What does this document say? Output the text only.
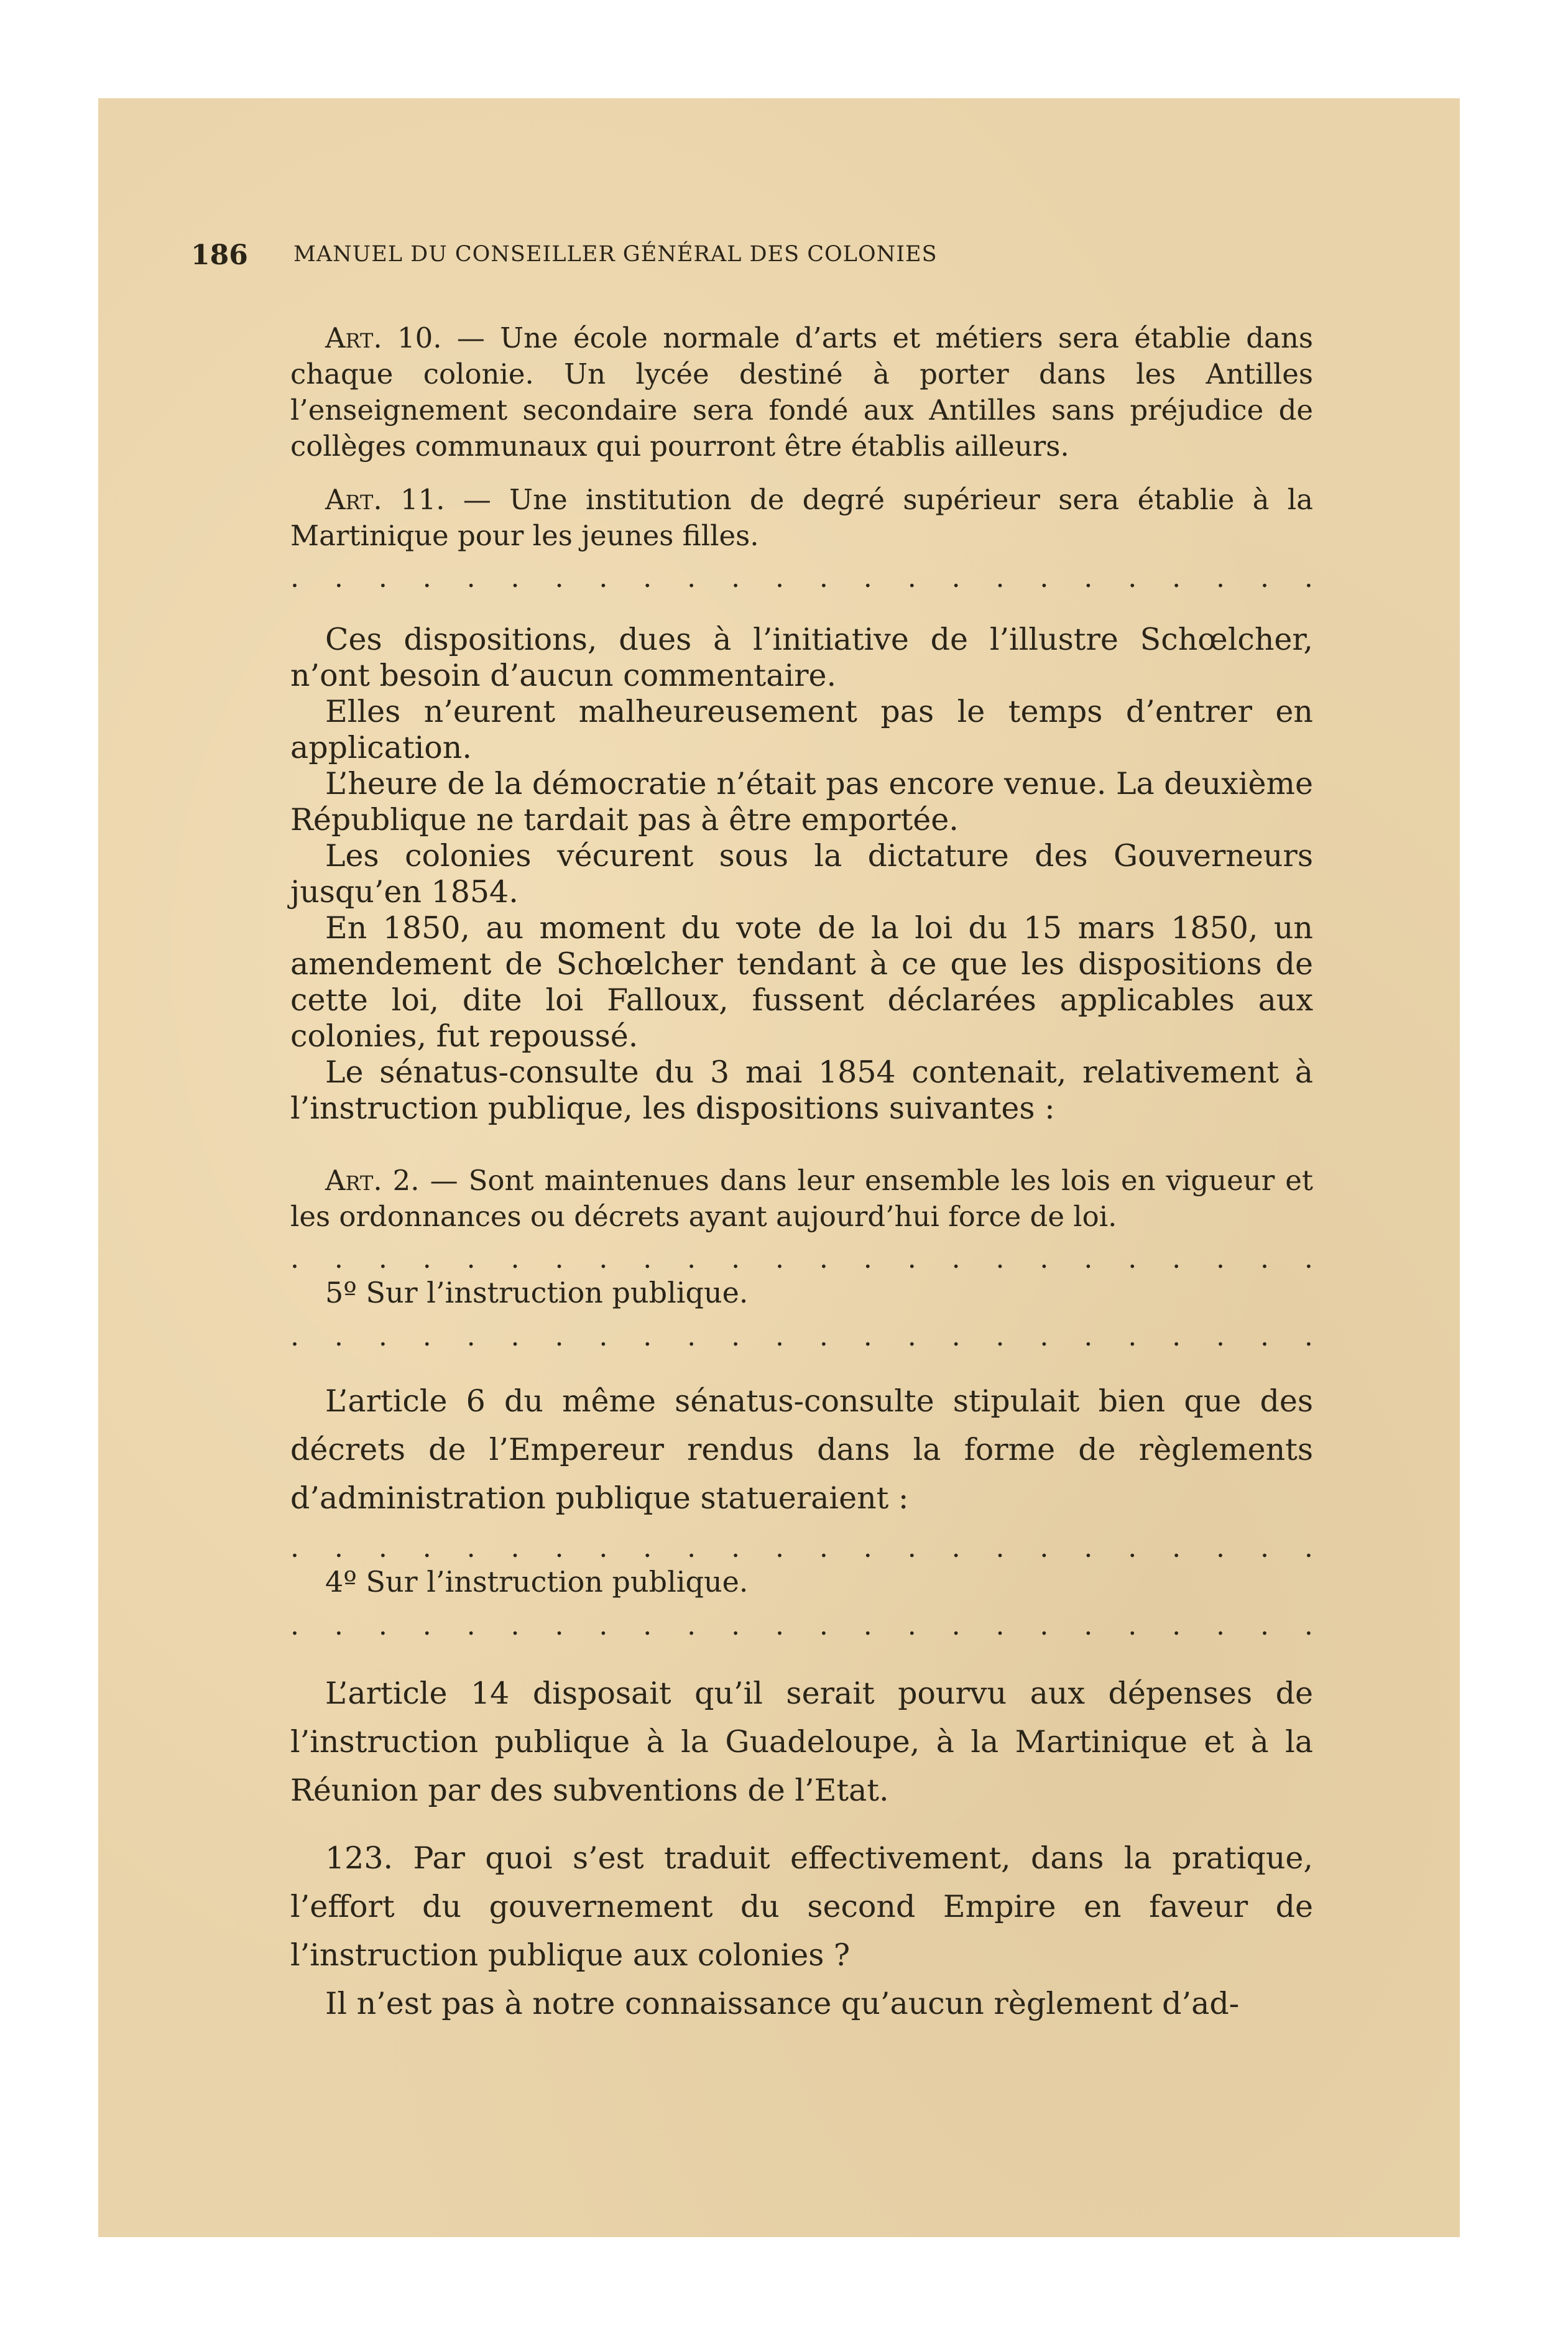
186 MANUEL DU CONSEILLER GÉNÉRAL DES COLONIES

Art. 10. — Une école normale d’arts et métiers sera établie dans chaque colonie. Un lycée destiné à porter dans les Antilles l’enseignement secondaire sera fondé aux Antilles sans préjudice de collèges communaux qui pourront être établis ailleurs.

Art. 11. — Une institution de degré supérieur sera établie à la Martinique pour les jeunes filles.

. . . . . . . . . . . . . . . . . . . . . . . .

Ces dispositions, dues à l’initiative de l’illustre Schœlcher, n’ont besoin d’aucun commentaire.

Elles n’eurent malheureusement pas le temps d’entrer en application.

L’heure de la démocratie n’était pas encore venue. La deuxième République ne tardait pas à être emportée.

Les colonies vécurent sous la dictature des Gouverneurs jusqu’en 1854.

En 1850, au moment du vote de la loi du 15 mars 1850, un amendement de Schœlcher tendant à ce que les dispositions de cette loi, dite loi Falloux, fussent déclarées applicables aux colonies, fut repoussé.

Le sénatus-consulte du 3 mai 1854 contenait, relativement à l’instruction publique, les dispositions suivantes :

Art. 2. — Sont maintenues dans leur ensemble les lois en vigueur et les ordonnances ou décrets ayant aujourd’hui force de loi.

. . . . . . . . . . . . . . . . . . . . . . . .
5º Sur l’instruction publique.
. . . . . . . . . . . . . . . . . . . . . . . .

L’article 6 du même sénatus-consulte stipulait bien que des décrets de l’Empereur rendus dans la forme de règlements d’administration publique statueraient :

. . . . . . . . . . . . . . . . . . . . . . . .
4º Sur l’instruction publique.
. . . . . . . . . . . . . . . . . . . . . . . .

L’article 14 disposait qu’il serait pourvu aux dépenses de l’instruction publique à la Guadeloupe, à la Martinique et à la Réunion par des subventions de l’Etat.

123. Par quoi s’est traduit effectivement, dans la pratique, l’effort du gouvernement du second Empire en faveur de l’instruction publique aux colonies ?

Il n’est pas à notre connaissance qu’aucun règlement d’ad-
